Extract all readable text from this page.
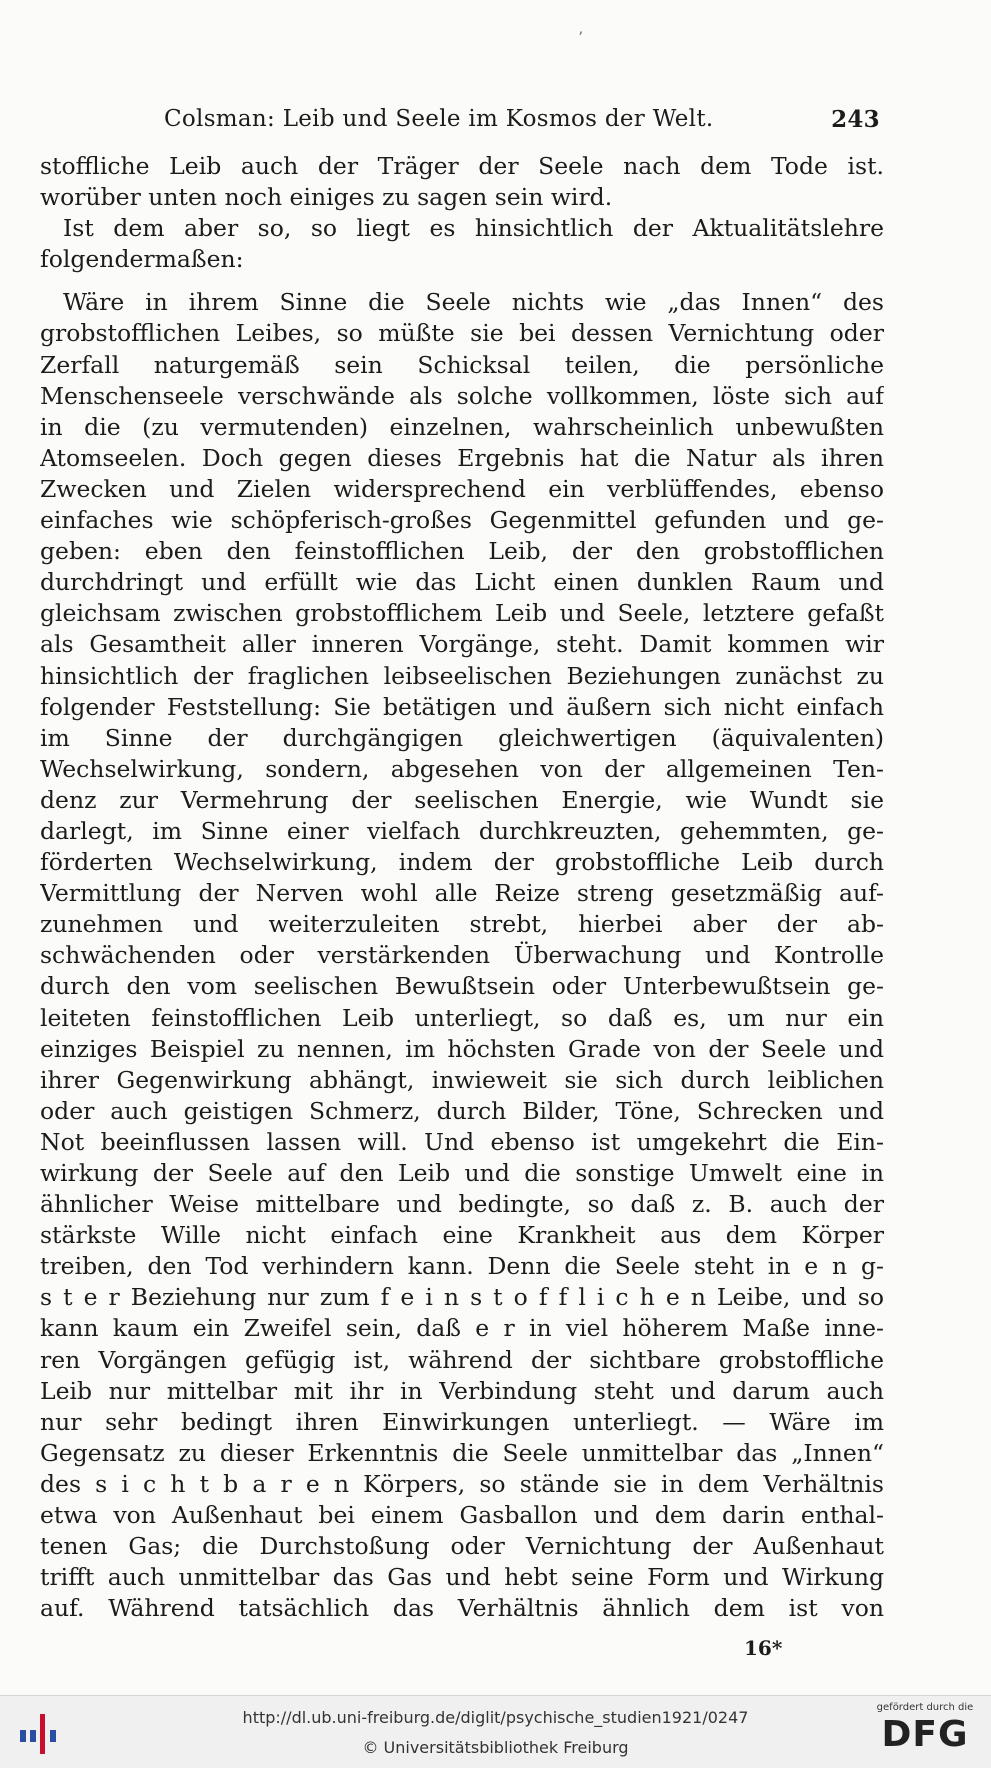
ʼ
Colsman: Leib und Seele im Kosmos der Welt.	243
stoffliche Leib auch der Träger der Seele nach dem Tode ist.
worüber unten noch einiges zu sagen sein wird.
Ist dem aber so, so liegt es hinsichtlich der Aktualitätslehre
folgendermaßen:
Wäre in ihrem Sinne die Seele nichts wie „das Innen“ des
grobstofflichen Leibes, so müßte sie bei dessen Vernichtung oder
Zerfall naturgemäß sein Schicksal teilen, die persönliche
Menschenseele verschwände als solche vollkommen, löste sich auf
in die (zu vermutenden) einzelnen, wahrscheinlich unbewußten
Atomseelen. Doch gegen dieses Ergebnis hat die Natur als ihren
Zwecken und Zielen widersprechend ein verblüffendes, ebenso
einfaches wie schöpferisch-großes Gegenmittel gefunden und ge-
geben: eben den feinstofflichen Leib, der den grobstofflichen
durchdringt und erfüllt wie das Licht einen dunklen Raum und
gleichsam zwischen grobstofflichem Leib und Seele, letztere gefaßt
als Gesamtheit aller inneren Vorgänge, steht. Damit kommen wir
hinsichtlich der fraglichen leibseelischen Beziehungen zunächst zu
folgender Feststellung: Sie betätigen und äußern sich nicht einfach
im Sinne der durchgängigen gleichwertigen (äquivalenten)
Wechselwirkung, sondern, abgesehen von der allgemeinen Ten-
denz zur Vermehrung der seelischen Energie, wie Wundt sie
darlegt, im Sinne einer vielfach durchkreuzten, gehemmten, ge-
förderten Wechselwirkung, indem der grobstoffliche Leib durch
Vermittlung der Nerven wohl alle Reize streng gesetzmäßig auf-
zunehmen und weiterzuleiten strebt, hierbei aber der ab-
schwächenden oder verstärkenden Überwachung und Kontrolle
durch den vom seelischen Bewußtsein oder Unterbewußtsein ge-
leiteten feinstofflichen Leib unterliegt, so daß es, um nur ein
einziges Beispiel zu nennen, im höchsten Grade von der Seele und
ihrer Gegenwirkung abhängt, inwieweit sie sich durch leiblichen
oder auch geistigen Schmerz, durch Bilder, Töne, Schrecken und
Not beeinflussen lassen will. Und ebenso ist umgekehrt die Ein-
wirkung der Seele auf den Leib und die sonstige Umwelt eine in
ähnlicher Weise mittelbare und bedingte, so daß z. B. auch der
stärkste Wille nicht einfach eine Krankheit aus dem Körper
treiben, den Tod verhindern kann. Denn die Seele steht in e n g-
s t e r Beziehung nur zum f e i n s t o f f l i c h e n Leibe, und so
kann kaum ein Zweifel sein, daß e r in viel höherem Maße inne-
ren Vorgängen gefügig ist, während der sichtbare grobstoffliche
Leib nur mittelbar mit ihr in Verbindung steht und darum auch
nur sehr bedingt ihren Einwirkungen unterliegt. — Wäre im
Gegensatz zu dieser Erkenntnis die Seele unmittelbar das „Innen“
des s i c h t b a r e n Körpers, so stände sie in dem Verhältnis
etwa von Außenhaut bei einem Gasballon und dem darin enthal-
tenen Gas; die Durchstoßung oder Vernichtung der Außenhaut
trifft auch unmittelbar das Gas und hebt seine Form und Wirkung
auf. Während tatsächlich das Verhältnis ähnlich dem ist von
16*
http://dl.ub.uni-freiburg.de/diglit/psychische_studien1921/0247
© Universitätsbibliothek Freiburg
gefördert durch die
DFG
